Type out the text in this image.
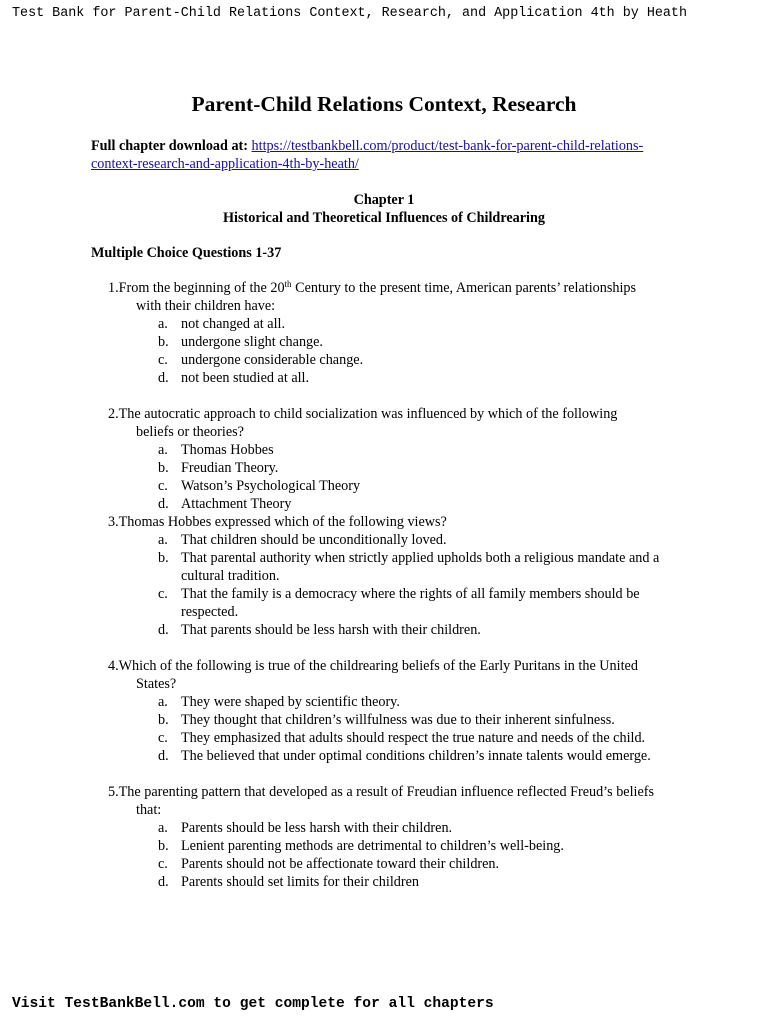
Test Bank for Parent-Child Relations Context, Research, and Application 4th by Heath
Parent-Child Relations Context, Research
Full chapter download at: https://testbankbell.com/product/test-bank-for-parent-child-relations-context-research-and-application-4th-by-heath/
Chapter 1
Historical and Theoretical Influences of Childrearing
Multiple Choice Questions 1-37

1.From the beginning of the 20th Century to the present time, American parents’ relationships with their children have:

a. not changed at all.
b. undergone slight change.
c. undergone considerable change.
d. not been studied at all.

2.The autocratic approach to child socialization was influenced by which of the following beliefs or theories?

a. Thomas Hobbes
b. Freudian Theory.
c. Watson’s Psychological Theory
d. Attachment Theory

3.Thomas Hobbes expressed which of the following views?

a. That children should be unconditionally loved.
b. That parental authority when strictly applied upholds both a religious mandate and a cultural tradition.
c. That the family is a democracy where the rights of all family members should be respected.
d. That parents should be less harsh with their children.

4.Which of the following is true of the childrearing beliefs of the Early Puritans in the United States?

a. They were shaped by scientific theory.
b. They thought that children’s willfulness was due to their inherent sinfulness.
c. They emphasized that adults should respect the true nature and needs of the child.
d. The believed that under optimal conditions children’s innate talents would emerge.

5.The parenting pattern that developed as a result of Freudian influence reflected Freud’s beliefs that:

a. Parents should be less harsh with their children.
b. Lenient parenting methods are detrimental to children’s well-being.
c. Parents should not be affectionate toward their children.
d. Parents should set limits for their children
Visit TestBankBell.com to get complete for all chapters
